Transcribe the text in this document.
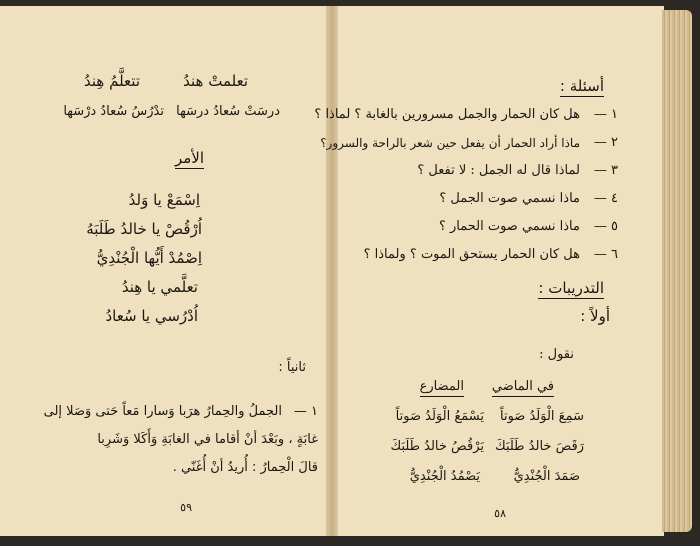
تعلمتْ هندُ
تتعلَّمُ هِندُ
درسَتْ سُعادُ درسَها
تدْرُسُ سُعادُ درْسَها
الأمر
اِسْمَعْ يا وَلدُ
اُرْقُصْ يا خالدُ طَلَبَهُ
اِصْمُدْ أَيُّها الْجُنْدِيُّ
تعلَّمي يا هِندُ
اُدْرُسي يا سُعادُ
ثانياً :
١ —
الجملُ والحِمارُ هرَبا وَسارا مَعاً حَتى وَصَلا إلى
غابَةٍ ، وبَعْدَ أنْ أقاما في الغابَةِ وَأَكَلا وَشَرِبا
قالَ الْحِمارُ : أُريدُ أنْ أُغَنّي .
٥٩
أسئلة :
١ —
هل كان الحمار والجمل مسرورين بالغابة ؟ لماذا ؟
٢ —
ماذا أراد الحمار أن يفعل حين شعر بالراحة والسرور؟
٣ —
لماذا قال له الجمل : لا تفعل ؟
٤ —
ماذا نسمي صوت الجمل ؟
٥ —
ماذا نسمي صوت الحمار ؟
٦ —
هل كان الحمار يستحق الموت ؟ ولماذا ؟
التدريبات :
أولاً :
نقول :
في الماضي
المضارع
سَمِعَ الْوَلَدُ صَوتاً
يَسْمَعُ الْوَلَدُ صَوتاً
رَقَصَ خالدُ طَلَبَكَ
يَرْقُصُ خالدُ طَلَبَكَ
صَمَدَ الْجُنْدِيُّ
يَصْمُدُ الْجُنْدِيُّ
٥٨
